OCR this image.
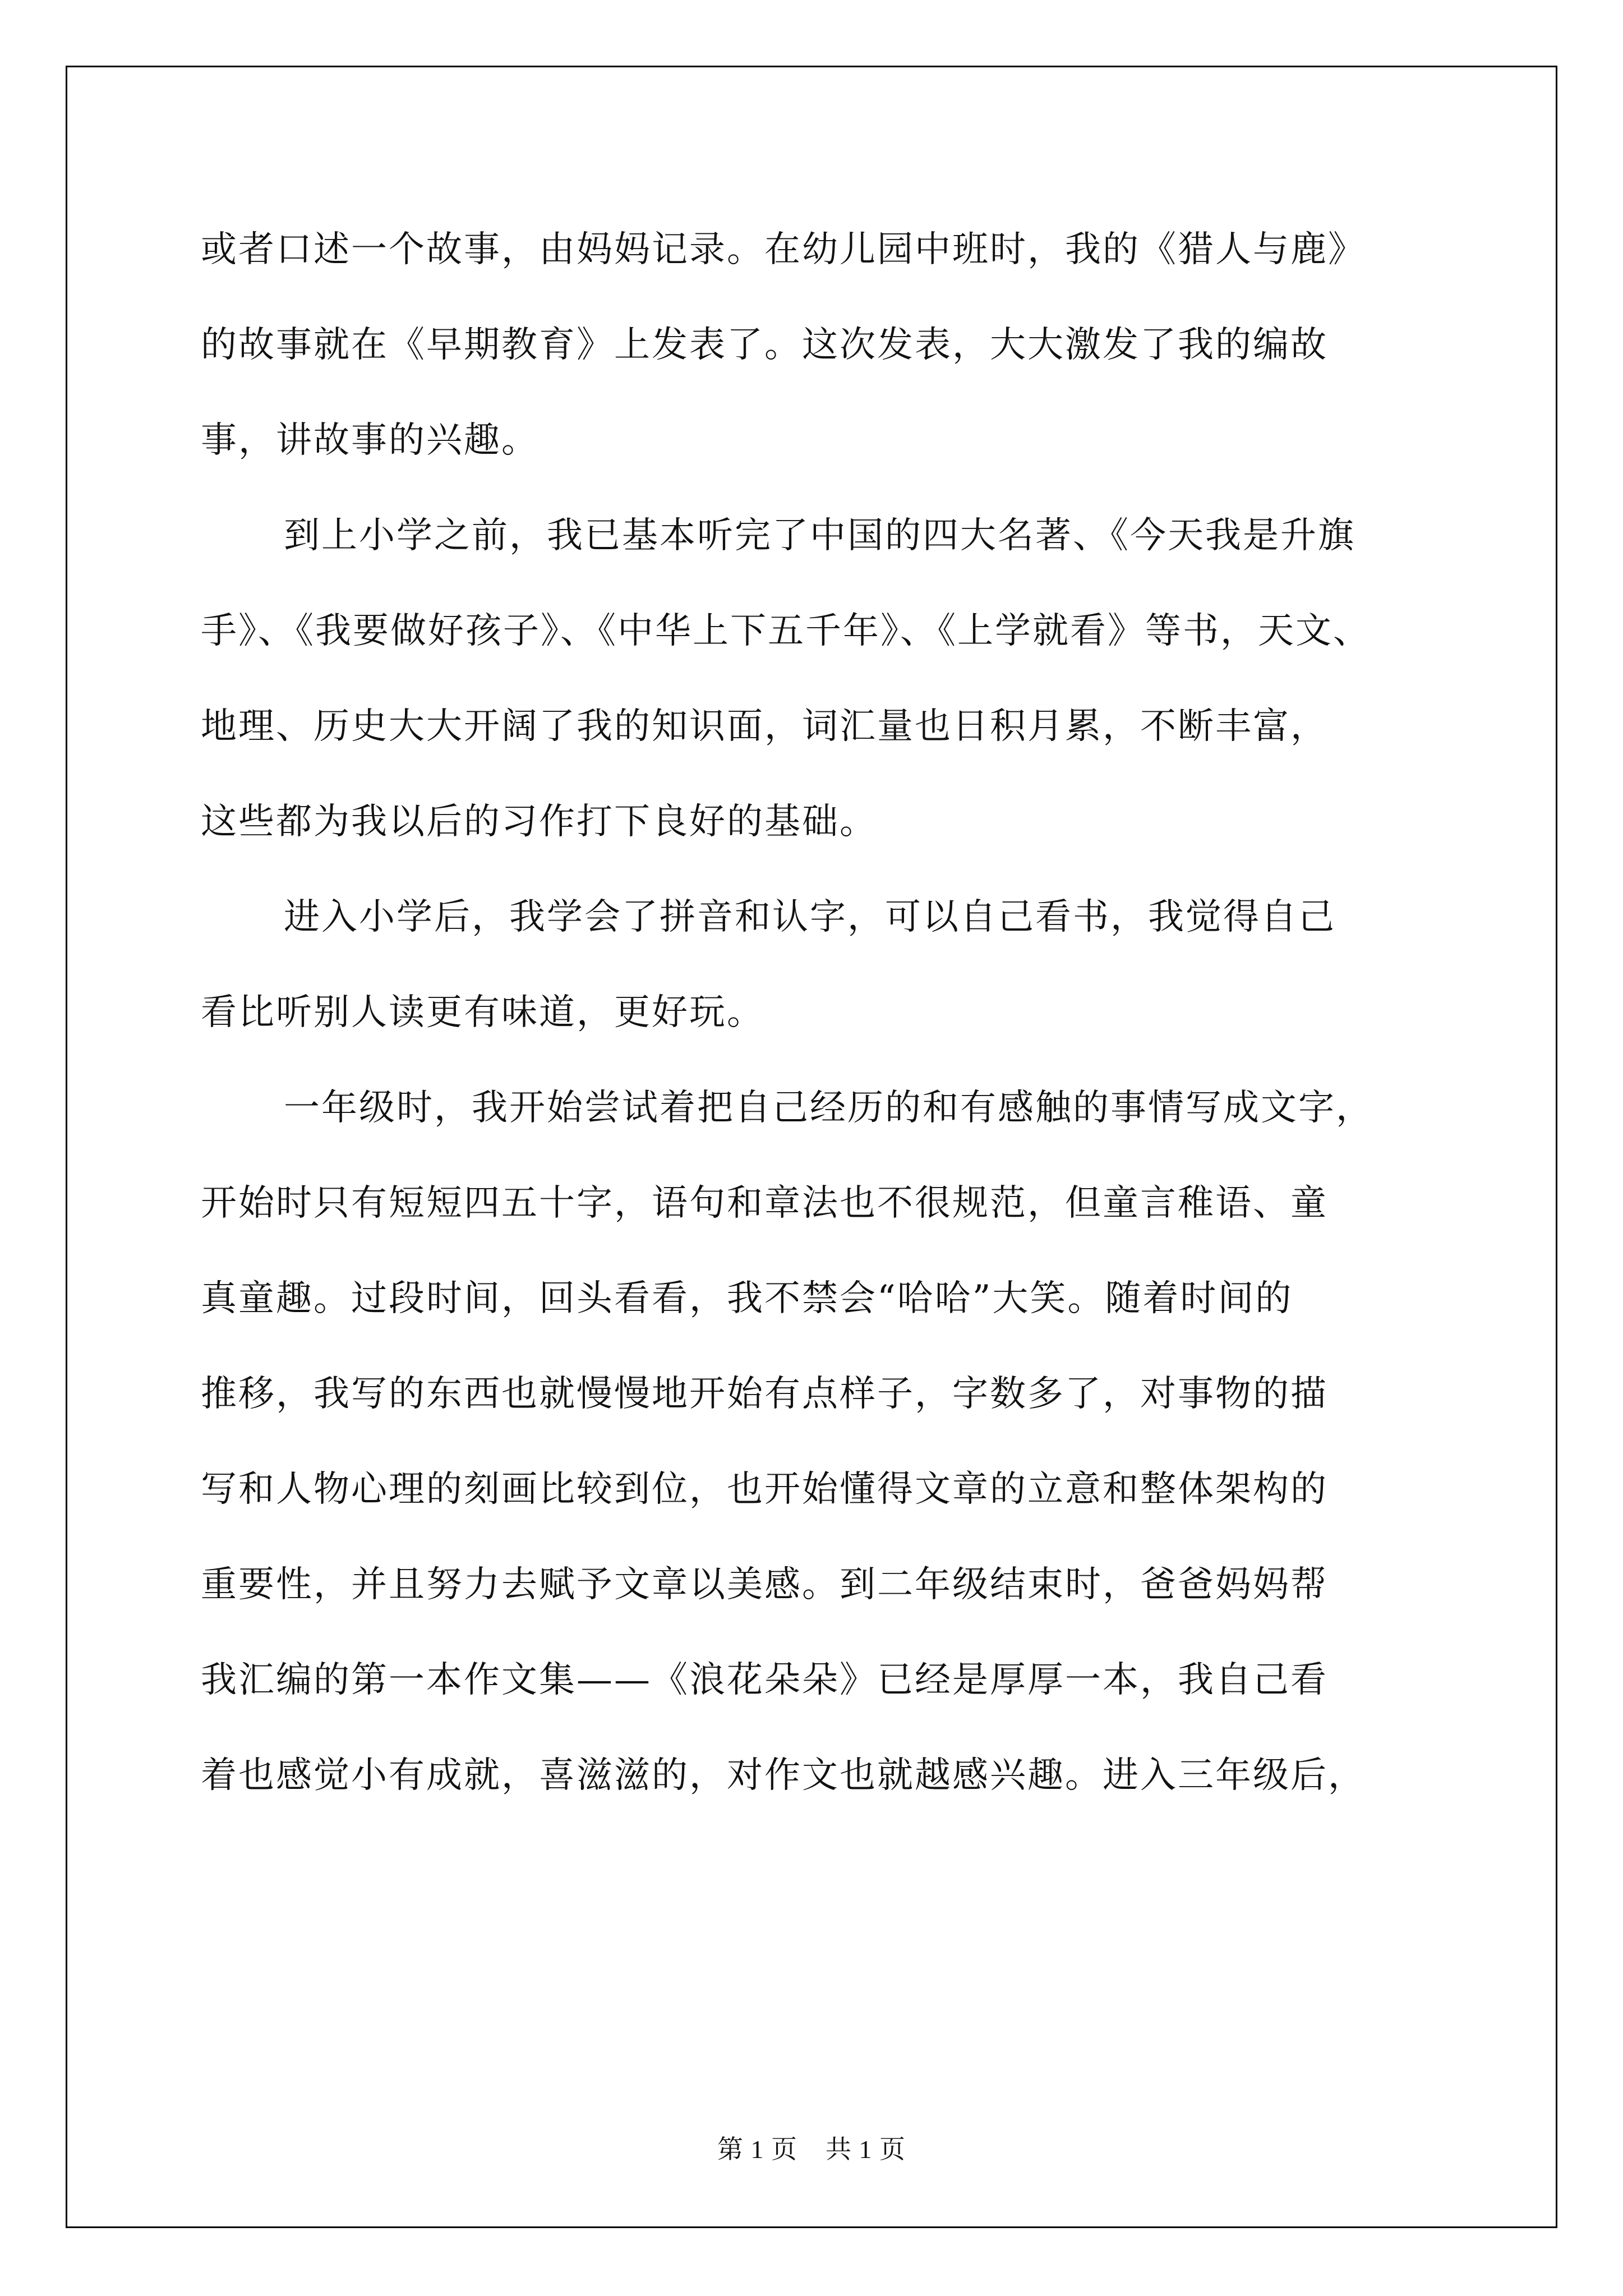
或者口述一个故事，由妈妈记录。在幼儿园中班时，我的《猎人与鹿》
的故事就在《早期教育》上发表了。这次发表，大大激发了我的编故
事，讲故事的兴趣。
到上小学之前，我已基本听完了中国的四大名著、《今天我是升旗
手》、《我要做好孩子》、《中华上下五千年》、《上学就看》等书，天文、
地理、历史大大开阔了我的知识面，词汇量也日积月累，不断丰富，
这些都为我以后的习作打下良好的基础。
进入小学后，我学会了拼音和认字，可以自己看书，我觉得自己
看比听别人读更有味道，更好玩。
一年级时，我开始尝试着把自己经历的和有感触的事情写成文字，
开始时只有短短四五十字，语句和章法也不很规范，但童言稚语、童
真童趣。过段时间，回头看看，我不禁会“哈哈”大笑。随着时间的
推移，我写的东西也就慢慢地开始有点样子，字数多了，对事物的描
写和人物心理的刻画比较到位，也开始懂得文章的立意和整体架构的
重要性，并且努力去赋予文章以美感。到二年级结束时，爸爸妈妈帮
我汇编的第一本作文集——《浪花朵朵》已经是厚厚一本，我自己看
着也感觉小有成就，喜滋滋的，对作文也就越感兴趣。进入三年级后，
第 1 页 共 1 页
